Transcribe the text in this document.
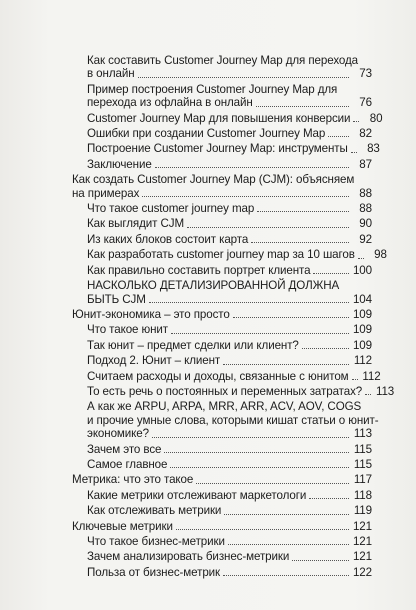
Как составить Customer Journey Map для перехода
в онлайн	73
Пример построения Customer Journey Map для
перехода из офлайна в онлайн	76
Customer Journey Map для повышения конверсии	80
Ошибки при создании Customer Journey Map	82
Построение Customer Journey Map: инструменты	83
Заключение	87
Как создать Customer Journey Map (CJM): объясняем
на примерах	88
Что такое customer journey map	88
Как выглядит CJM	90
Из каких блоков состоит карта	92
Как разработать customer journey map за 10 шагов	98
Как правильно составить портрет клиента	100
НАСКОЛЬКО ДЕТАЛИЗИРОВАННОЙ ДОЛЖНА
БЫТЬ CJM	104
Юнит-экономика – это просто	109
Что такое юнит	109
Так юнит – предмет сделки или клиент?	109
Подход 2. Юнит – клиент	112
Считаем расходы и доходы, связанные с юнитом 112
То есть речь о постоянных и переменных затратах? 113
А как же ARPU, ARPA, MRR, ARR, ACV, AOV, COGS
и прочие умные слова, которыми кишат статьи о юнит-
экономике?	113
Зачем это все	115
Самое главное	115
Метрика: что это такое	117
Какие метрики отслеживают маркетологи	118
Как отслеживать метрики	119
Ключевые метрики	121
Что такое бизнес-метрики	121
Зачем анализировать бизнес-метрики	121
Польза от бизнес-метрик	122
